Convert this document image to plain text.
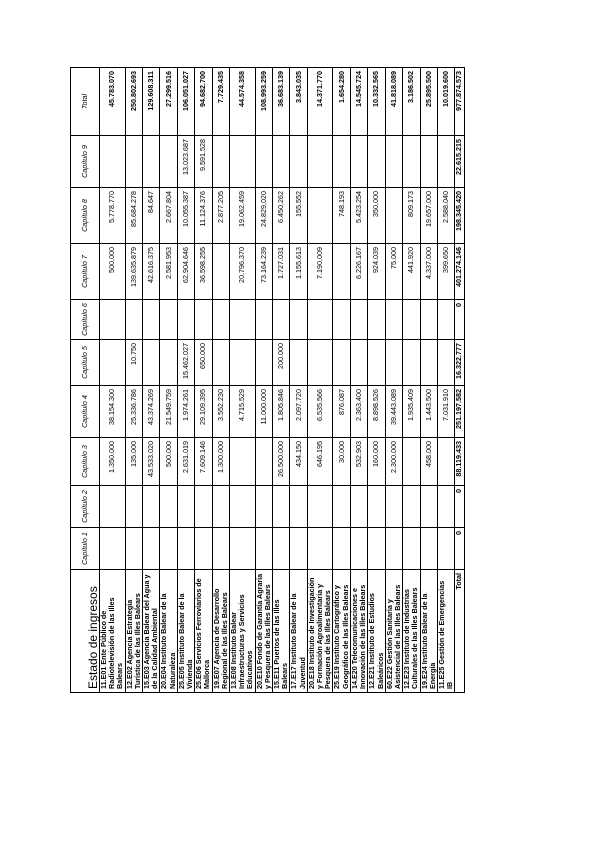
Estado de ingresos	Capítulo 1	Capítulo 2	Capítulo 3	Capítulo 4	Capítulo 5	Capítulo 6	Capítulo 7	Capítulo 8	Capítulo 9	Total
11.E01 Ente Público de Radiotelevisión de las Illes Balears			1.350.000	38.154.300			500.000	5.778.770		45.783.070
12.E02 Agencia Estrategia Turística de las Illes Balears			135.000	25.336.786	10.750		139.635.879	85.684.278		250.802.693
15.E03 Agencia Balear del Agua y de la Calidad Ambiental			43.533.020	43.374.269			42.616.375	84.647		129.608.311
20.E04 Instituto Balear de la Naturaleza			500.000	21.549.759			2.581.953	2.667.804		27.299.516
25.E05 Instituto Balear de la Vivienda			2.631.019	1.974.261	15.462.027		62.904.646	10.055.387	13.023.687	106.051.027
25.E06 Servicios Ferroviarios de Mallorca			7.609.146	29.109.395	650.000		36.598.255	11.124.376	9.591.528	94.682.700
19.E07 Agencia de Desarrollo Regional de las Illes Balears			1.300.000	3.552.230				2.877.205		7.729.435
13.E08 Instituto Balear Infraestructuras y Servicios Educativos				4.715.529			20.796.370	19.062.459		44.574.358
20.E10 Fondo de Garantía Agraria y Pesquera de las Illes Balears				11.000.000			73.164.239	24.829.020		108.993.259
15.E11 Puertos de las Illes Balears			26.500.000	1.805.846	200.000		1.727.031	6.450.262		36.683.139
17.E17 Instituto Balear de la Juventud			434.150	2.097.720			1.155.613	155.552		3.843.035
20.E18 Instituto de Investigación y Formación Agroalimentaria y Pesquera de las Illes Balears			646.195	6.535.566			7.190.009			14.371.770
25.E19 Instituto Cartográfico y Geográfico de las Illes Balears			30.000	876.087				748.193		1.654.280
14.E20 Telecomunicaciones e Innovación de las Illes Balears			532.903	2.363.400			6.226.167	5.423.254		14.545.724
12.E21 Instituto de Estudios Baleáricos			160.000	8.898.526			924.039	350.000		10.332.565
60.E22 Gestión Sanitaria y Asistencial de las Illes Balears			2.300.000	39.443.089			75.000			41.818.089
12.E23 Instituto de Industrias Culturales de las Illes Balears				1.935.409			441.920	809.173		3.186.502
19.E24 Instituto Balear de la Energía			458.000	1.443.500			4.337.000	19.657.000		25.895.500
11.E25 Gestión de Emergencias IB				7.031.910			399.650	2.588.040		10.019.600
Total	0	0	88.119.433	251.197.582	16.322.777	0	401.274.146	198.345.420	22.615.215	977.874.573
